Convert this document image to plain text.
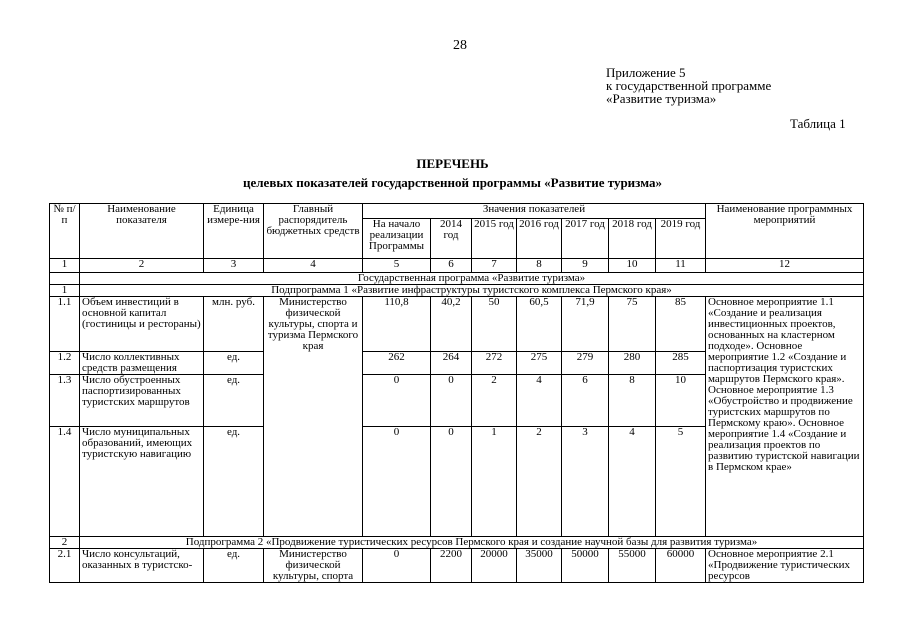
28
Приложение 5
к государственной программе
«Развитие туризма»
Таблица 1
ПЕРЕЧЕНЬ
целевых показателей государственной программы «Развитие туризма»
№ п/п	Наименование показателя	Единица измере-ния	Главный распорядитель бюджетных средств	Значения показателей							Наименование программных мероприятий
				На начало реализации Программы	2014 год	2015 год	2016 год	2017 год	2018 год	2019 год	
1	2	3	4	5	6	7	8	9	10	11	12
	Государственная программа «Развитие туризма»										
1	Подпрограмма 1 «Развитие инфраструктуры туристского комплекса Пермского края»										
1.1	Объем инвестиций в основной капитал (гостиницы и рестораны)	млн. руб.	Министерство физической культуры, спорта и туризма Пермского края	110,8	40,2	50	60,5	71,9	75	85	Основное мероприятие 1.1 «Создание и реализация инвестиционных проектов, основанных на кластерном подходе». Основное мероприятие 1.2 «Создание и паспортизация туристских маршрутов Пермского края». Основное мероприятие 1.3 «Обустройство и продвижение туристских маршрутов по Пермскому краю». Основное мероприятие 1.4 «Создание и реализация проектов по развитию туристской навигации в Пермском крае»
1.2	Число коллективных средств размещения	ед.		262	264	272	275	279	280	285	
1.3	Число обустроенных паспортизированных туристских маршрутов	ед.		0	0	2	4	6	8	10	
1.4	Число муниципальных образований, имеющих туристскую навигацию	ед.		0	0	1	2	3	4	5	
2	Подпрограмма 2 «Продвижение туристических ресурсов Пермского края и создание научной базы для развития туризма»										
2.1	Число консультаций, оказанных в туристско-	ед.	Министерство физической культуры, спорта	0	2200	20000	35000	50000	55000	60000	Основное мероприятие 2.1 «Продвижение туристических ресурсов
